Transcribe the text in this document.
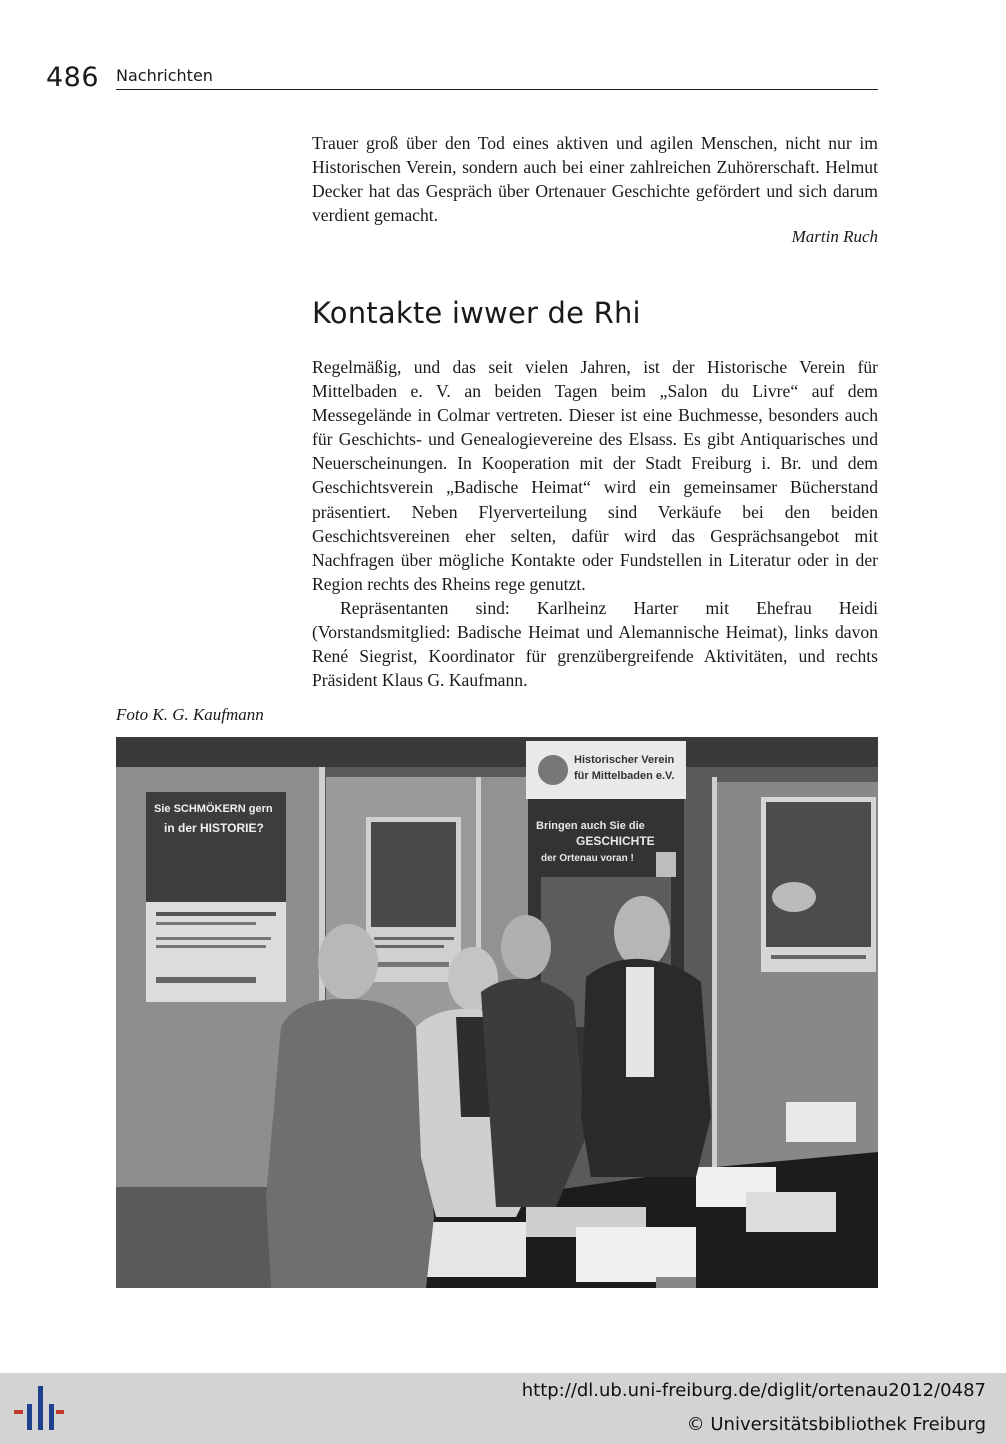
486 Nachrichten

Trauer groß über den Tod eines aktiven und agilen Menschen, nicht nur im Historischen Verein, sondern auch bei einer zahlreichen Zuhörerschaft. Helmut Decker hat das Gespräch über Ortenauer Geschichte gefördert und sich darum verdient gemacht.

Martin Ruch
Kontakte iwwer de Rhi

Regelmäßig, und das seit vielen Jahren, ist der Historische Verein für Mittelbaden e. V. an beiden Tagen beim „Salon du Livre“ auf dem Messegelände in Colmar vertreten. Dieser ist eine Buchmesse, besonders auch für Geschichts- und Genealogievereine des Elsass. Es gibt Antiquarisches und Neuerscheinungen. In Kooperation mit der Stadt Freiburg i. Br. und dem Geschichtsverein „Badische Heimat“ wird ein gemeinsamer Bücherstand präsentiert. Neben Flyerverteilung sind Verkäufe bei den beiden Geschichtsvereinen eher selten, dafür wird das Gesprächsangebot mit Nachfragen über mögliche Kontakte oder Fundstellen in Literatur oder in der Region rechts des Rheins rege genutzt.

Repräsentanten sind: Karlheinz Harter mit Ehefrau Heidi (Vorstandsmitglied: Badische Heimat und Alemannische Heimat), links davon René Siegrist, Koordinator für grenzübergreifende Aktivitäten, und rechts Präsident Klaus G. Kaufmann.

Foto K. G. Kaufmann
Sie SCHMÖKERN gern
in der HISTORIE?
Historischer Verein
für Mittelbaden e.V.
Bringen auch Sie die
GESCHICHTE
der Ortenau voran !
http://dl.ub.uni-freiburg.de/diglit/ortenau2012/0487
© Universitätsbibliothek Freiburg
